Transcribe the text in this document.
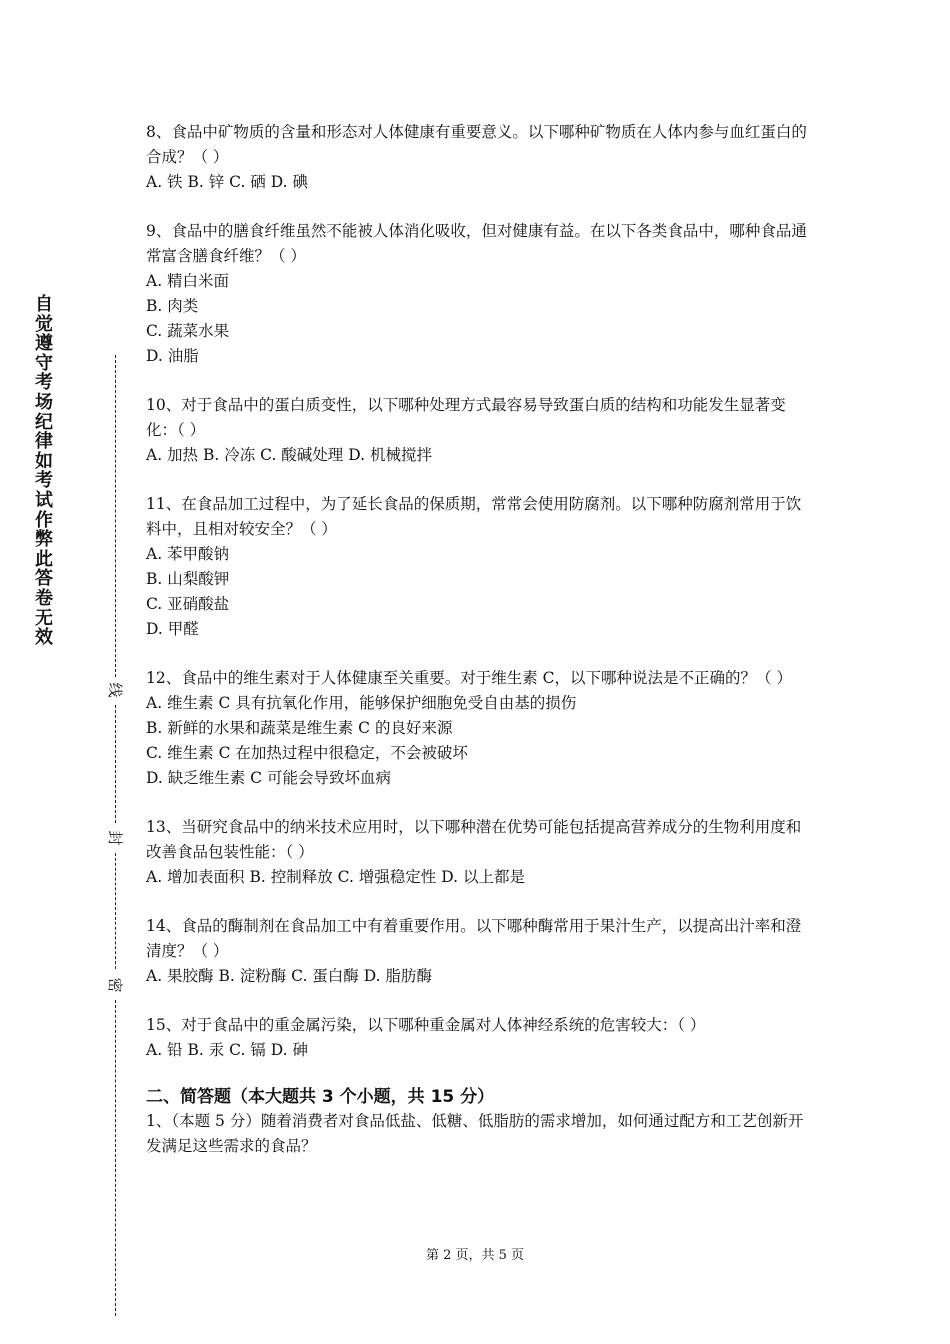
自
觉
遵
守
考
场
纪
律
如
考
试
作
弊
此
答
卷
无
效
线
封
密

8、食品中矿物质的含量和形态对人体健康有重要意义。以下哪种矿物质在人体内参与血红蛋白的合成？（ ）

A. 铁 B. 锌 C. 硒 D. 碘

9、食品中的膳食纤维虽然不能被人体消化吸收，但对健康有益。在以下各类食品中，哪种食品通常富含膳食纤维？（ ）

A. 精白米面

B. 肉类

C. 蔬菜水果

D. 油脂

10、对于食品中的蛋白质变性，以下哪种处理方式最容易导致蛋白质的结构和功能发生显著变化：（ ）

A. 加热 B. 冷冻 C. 酸碱处理 D. 机械搅拌

11、在食品加工过程中，为了延长食品的保质期，常常会使用防腐剂。以下哪种防腐剂常用于饮料中，且相对较安全？（ ）

A. 苯甲酸钠

B. 山梨酸钾

C. 亚硝酸盐

D. 甲醛

12、食品中的维生素对于人体健康至关重要。对于维生素 C，以下哪种说法是不正确的？（ ）

A. 维生素 C 具有抗氧化作用，能够保护细胞免受自由基的损伤

B. 新鲜的水果和蔬菜是维生素 C 的良好来源

C. 维生素 C 在加热过程中很稳定，不会被破坏

D. 缺乏维生素 C 可能会导致坏血病

13、当研究食品中的纳米技术应用时，以下哪种潜在优势可能包括提高营养成分的生物利用度和改善食品包装性能：（ ）

A. 增加表面积 B. 控制释放 C. 增强稳定性 D. 以上都是

14、食品的酶制剂在食品加工中有着重要作用。以下哪种酶常用于果汁生产，以提高出汁率和澄清度？（ ）

A. 果胶酶 B. 淀粉酶 C. 蛋白酶 D. 脂肪酶

15、对于食品中的重金属污染，以下哪种重金属对人体神经系统的危害较大：（ ）

A. 铅 B. 汞 C. 镉 D. 砷

二、简答题（本大题共 3 个小题，共 15 分）

1、（本题 5 分）随着消费者对食品低盐、低糖、低脂肪的需求增加，如何通过配方和工艺创新开发满足这些需求的食品？

第 2 页，共 5 页
